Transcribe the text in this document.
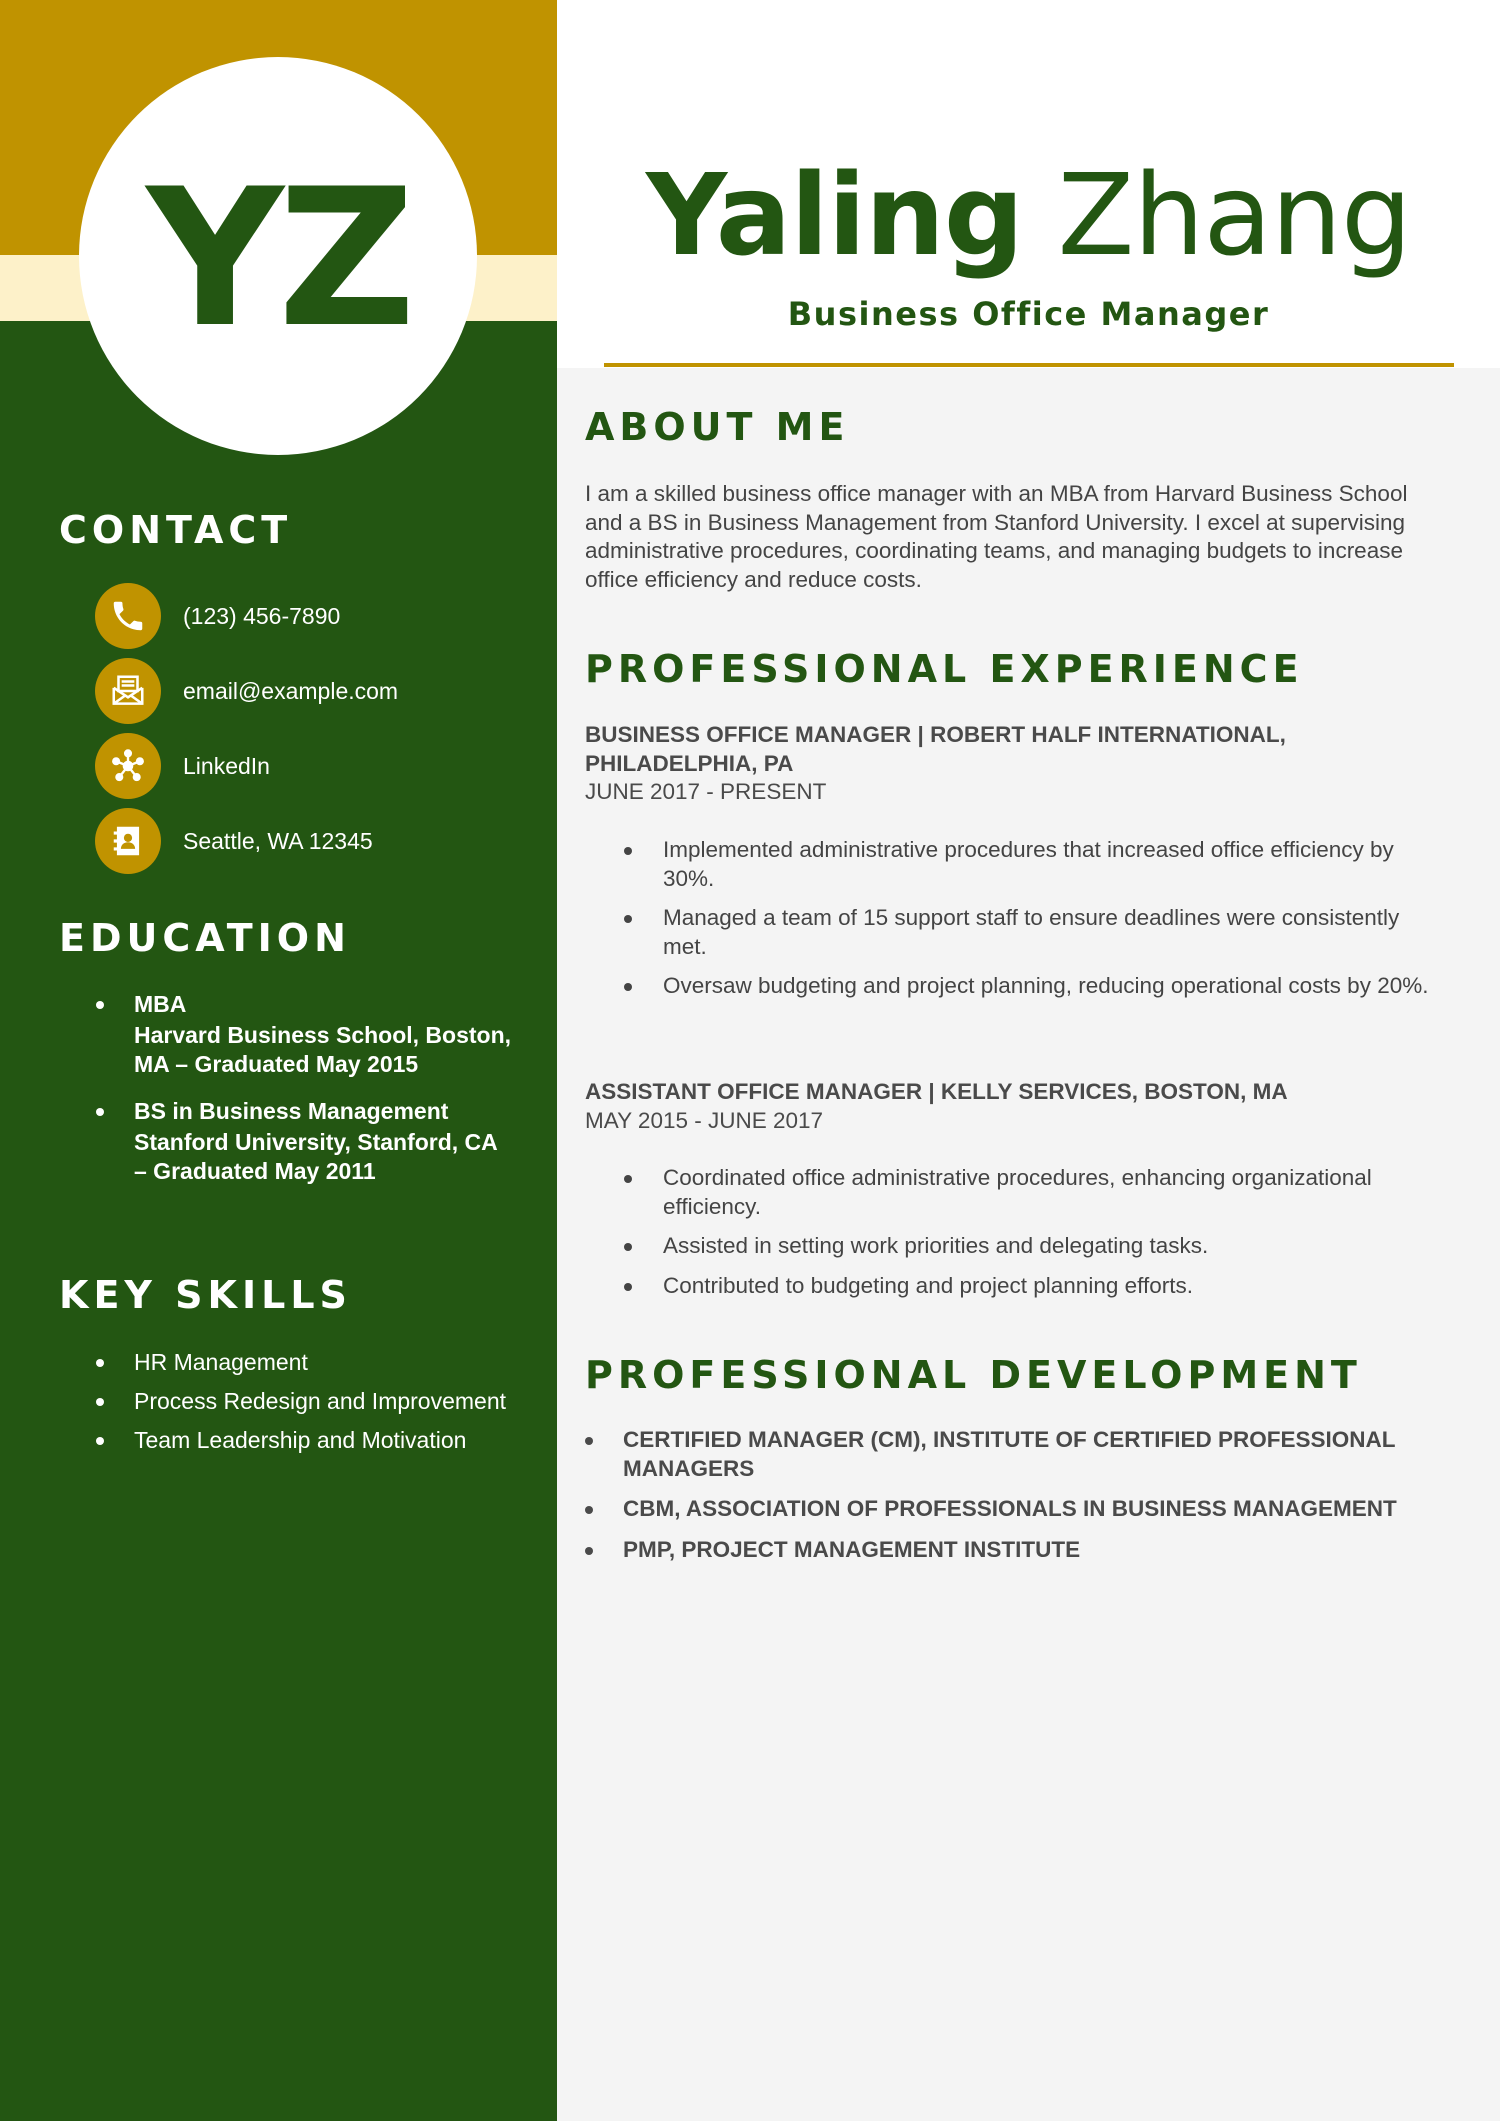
YZ
CONTACT
(123) 456-7890
email@example.com
LinkedIn
Seattle, WA 12345
EDUCATION
MBA
Harvard Business School, Boston, MA – Graduated May 2015
BS in Business Management
Stanford University, Stanford, CA – Graduated May 2011
KEY SKILLS
HR Management
Process Redesign and Improvement
Team Leadership and Motivation
Yaling Zhang
Business Office Manager
ABOUT ME
I am a skilled business office manager with an MBA from Harvard Business School and a BS in Business Management from Stanford University. I excel at supervising administrative procedures, coordinating teams, and managing budgets to increase office efficiency and reduce costs.
PROFESSIONAL EXPERIENCE
BUSINESS OFFICE MANAGER | ROBERT HALF INTERNATIONAL, PHILADELPHIA, PA
JUNE 2017 - PRESENT
Implemented administrative procedures that increased office efficiency by 30%.
Managed a team of 15 support staff to ensure deadlines were consistently met.
Oversaw budgeting and project planning, reducing operational costs by 20%.
ASSISTANT OFFICE MANAGER | KELLY SERVICES, BOSTON, MA
MAY 2015 - JUNE 2017
Coordinated office administrative procedures, enhancing organizational efficiency.
Assisted in setting work priorities and delegating tasks.
Contributed to budgeting and project planning efforts.
PROFESSIONAL DEVELOPMENT
CERTIFIED MANAGER (CM), INSTITUTE OF CERTIFIED PROFESSIONAL MANAGERS
CBM, ASSOCIATION OF PROFESSIONALS IN BUSINESS MANAGEMENT
PMP, PROJECT MANAGEMENT INSTITUTE
